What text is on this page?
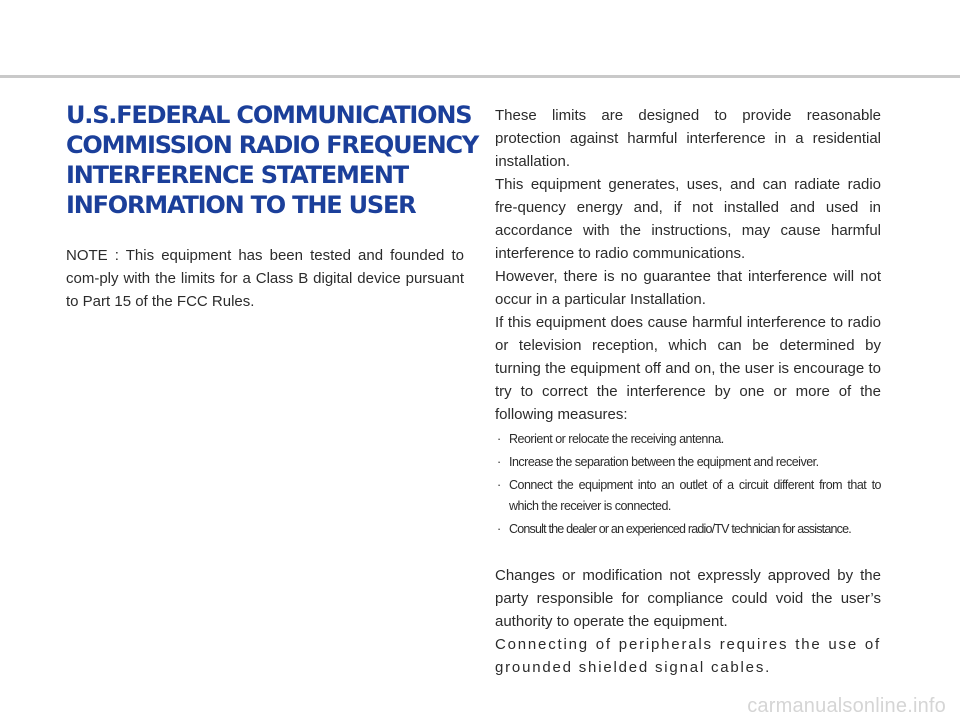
U.S.FEDERAL COMMUNICATIONS
COMMISSION RADIO FREQUENCY
INTERFERENCE STATEMENT
INFORMATION TO THE USER

NOTE : This equipment has been tested and founded to com-ply with the limits for a Class B digital device pursuant to Part 15 of the FCC Rules.

These limits are designed to provide reasonable protection against harmful interference in a residential installation.

This equipment generates, uses, and can radiate radio fre-quency energy and, if not installed and used in accordance with the instructions, may cause harmful interference to radio communications.

However, there is no guarantee that interference will not occur in a particular Installation.

If this equipment does cause harmful interference to radio or television reception, which can be determined by turning the equipment off and on, the user is encourage to try to correct the interference by one or more of the following measures:

· Reorient or relocate the receiving antenna.
· Increase the separation between the equipment and receiver.
· Connect the equipment into an outlet of a circuit different from that to which the receiver is connected.
· Consult the dealer or an experienced radio/TV technician for assistance.

Changes or modification not expressly approved by the party responsible for compliance could void the user’s authority to operate the equipment.

Connecting of peripherals requires the use of grounded shielded signal cables.

carmanualsonline.info
